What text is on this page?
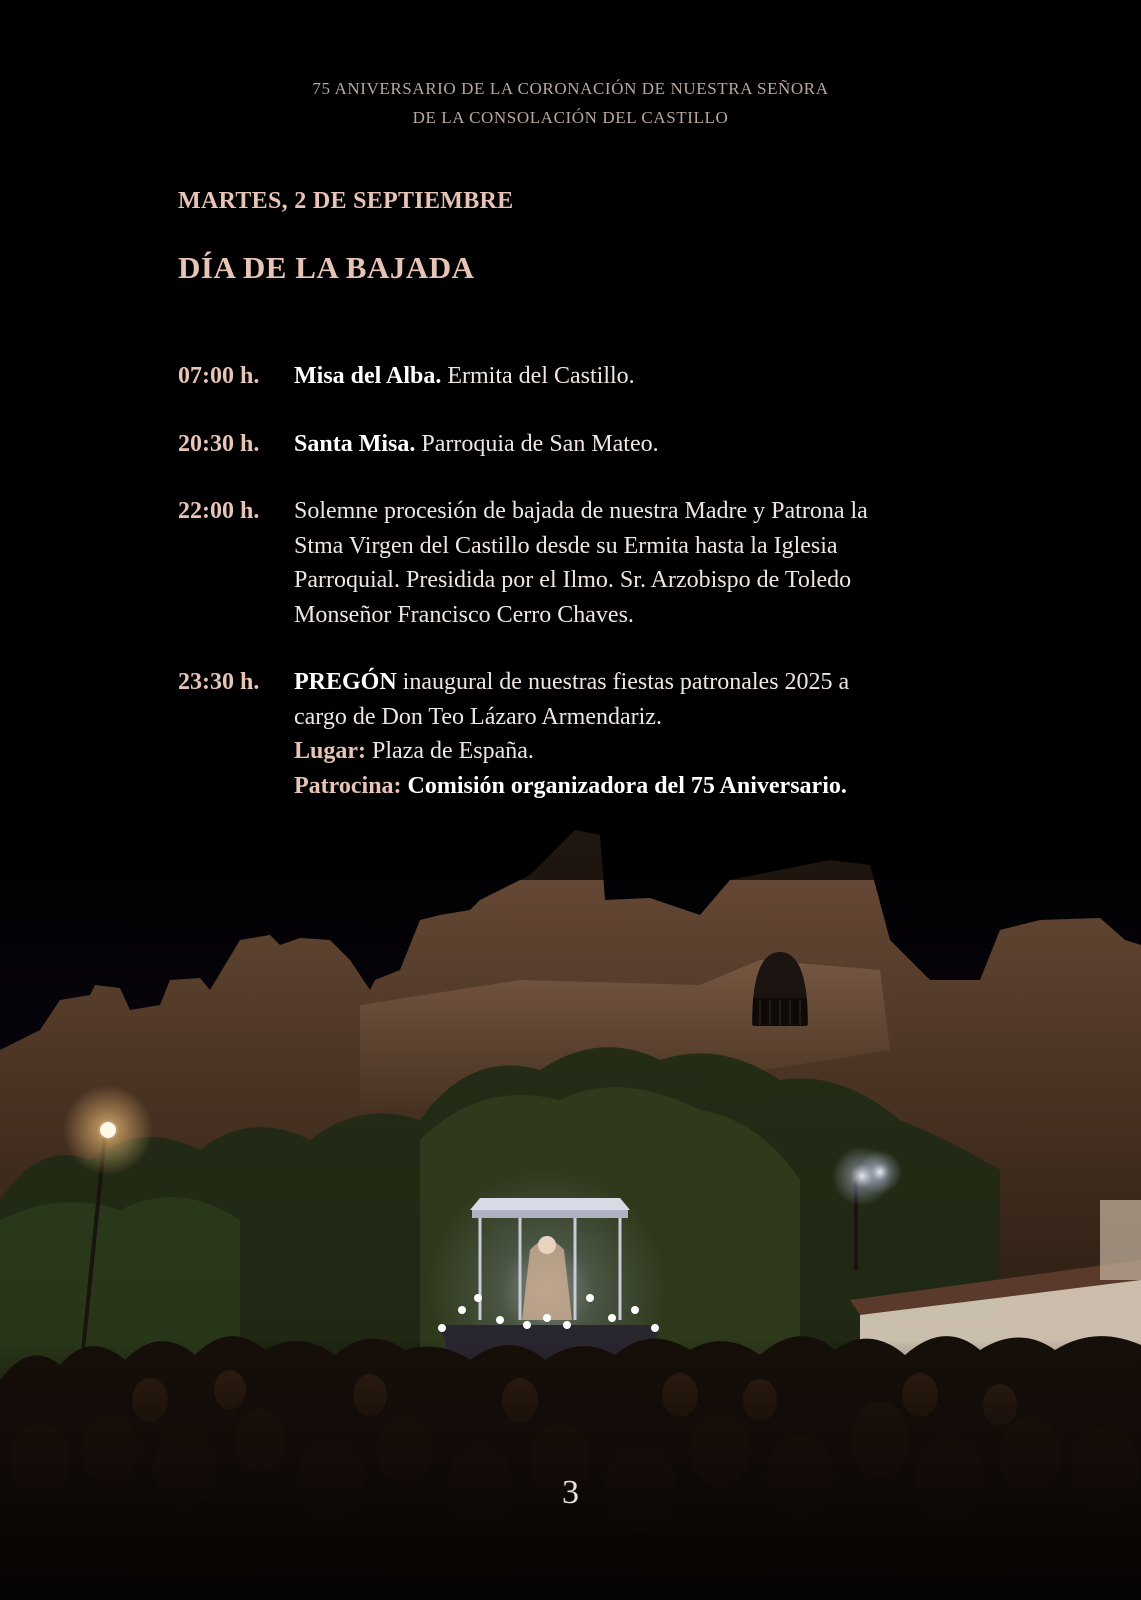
75 ANIVERSARIO DE LA CORONACIÓN DE NUESTRA SEÑORA
DE LA CONSOLACIÓN DEL CASTILLO
MARTES, 2 DE SEPTIEMBRE
DÍA DE LA BAJADA
07:00 h.	Misa del Alba. Ermita del Castillo.
20:30 h.	Santa Misa. Parroquia de San Mateo.
22:00 h.	Solemne procesión de bajada de nuestra Madre y Patrona la
Stma Virgen del Castillo desde su Ermita hasta la Iglesia
Parroquial. Presidida por el Ilmo. Sr. Arzobispo de Toledo
Monseñor Francisco Cerro Chaves.
23:30 h.	PREGÓN inaugural de nuestras fiestas patronales 2025 a
cargo de Don Teo Lázaro Armendariz.
Lugar: Plaza de España.
Patrocina: Comisión organizadora del 75 Aniversario.
3
